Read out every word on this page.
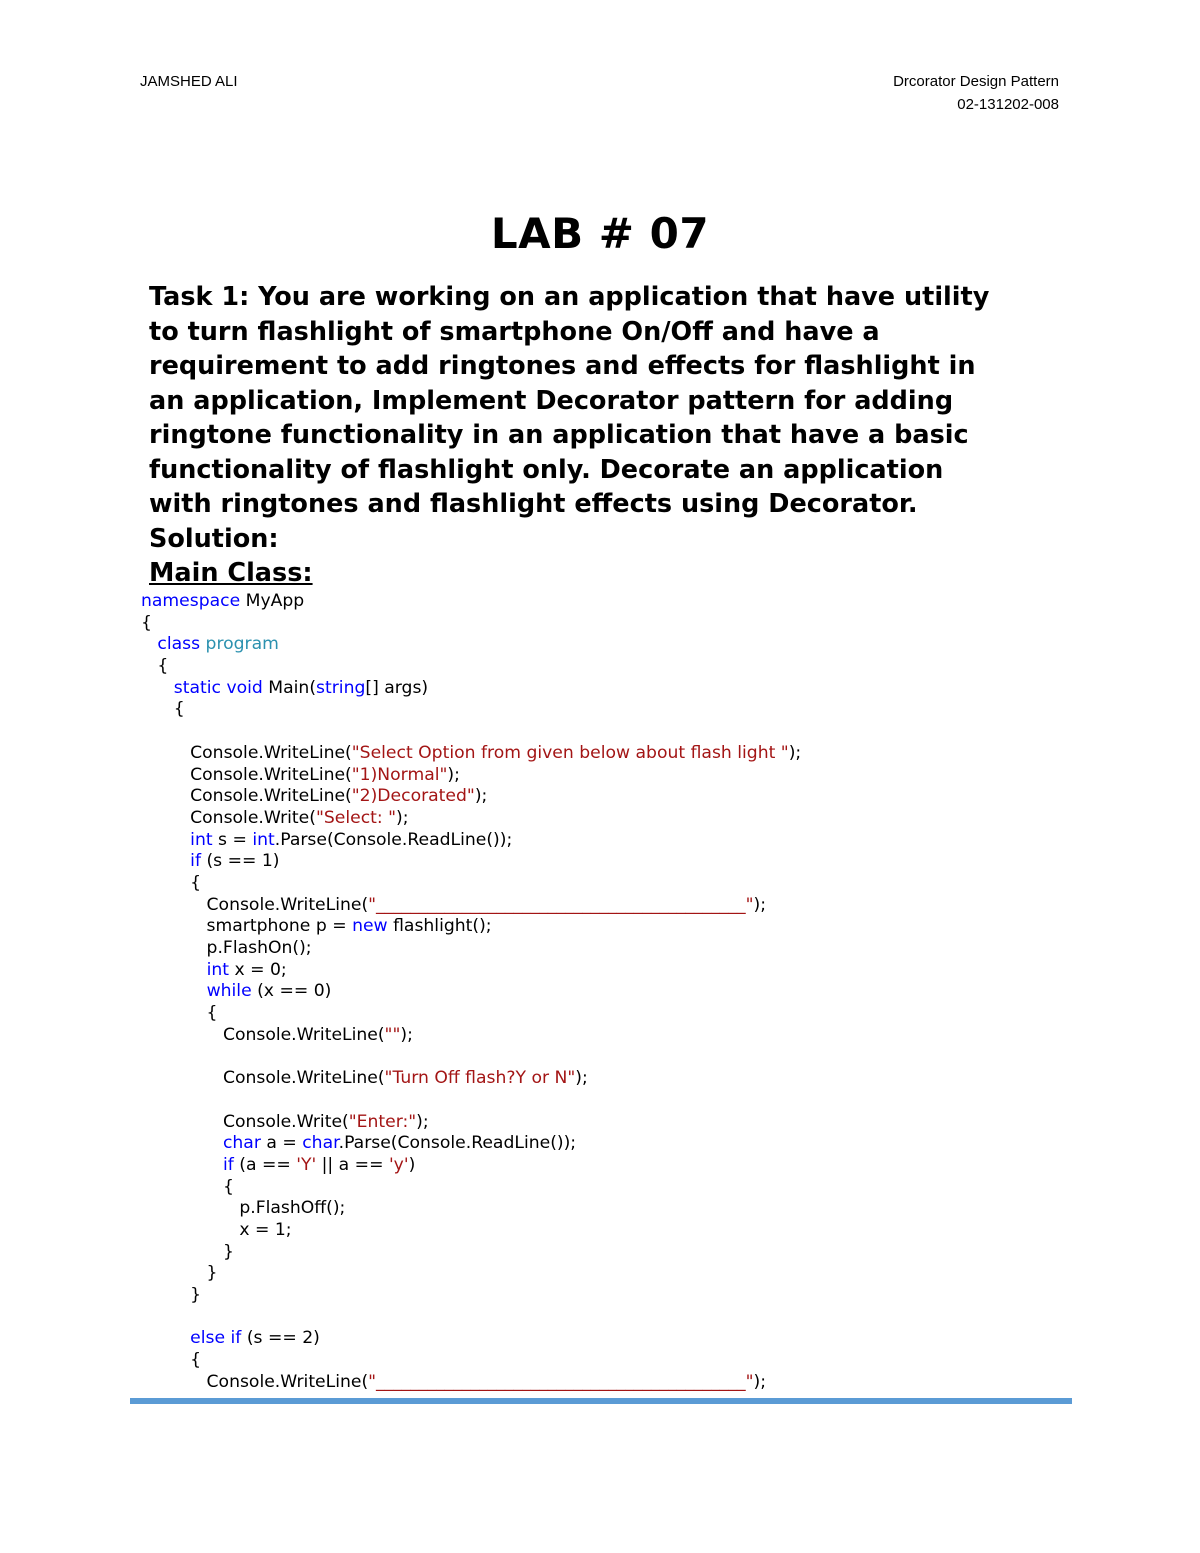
JAMSHED ALI	Drcorator Design Pattern
02-131202-008
LAB # 07
Task 1: You are working on an application that have utility
to turn flashlight of smartphone On/Off and have a
requirement to add ringtones and effects for flashlight in
an application, Implement Decorator pattern for adding
ringtone functionality in an application that have a basic
functionality of flashlight only. Decorate an application
with ringtones and flashlight effects using Decorator.
Solution:
Main Class:
namespace MyApp
{
class program
{
static void Main(string[] args)
{
Console.WriteLine("Select Option from given below about flash light ");
Console.WriteLine("1)Normal");
Console.WriteLine("2)Decorated");
Console.Write("Select: ");
int s = int.Parse(Console.ReadLine());
if (s == 1)
{
Console.WriteLine("___________________________________________");
smartphone p = new flashlight();
p.FlashOn();
int x = 0;
while (x == 0)
{
Console.WriteLine("");
Console.WriteLine("Turn Off flash?Y or N");
Console.Write("Enter:");
char a = char.Parse(Console.ReadLine());
if (a == 'Y' || a == 'y')
{
p.FlashOff();
x = 1;
}
}
}
else if (s == 2)
{
Console.WriteLine("___________________________________________");
